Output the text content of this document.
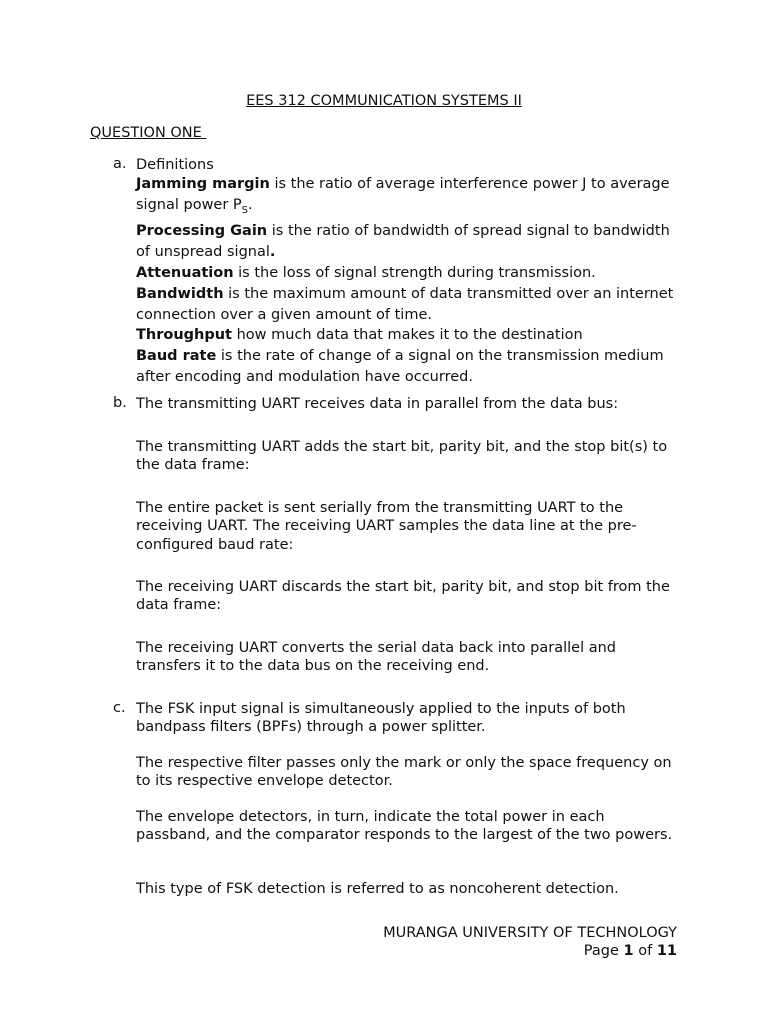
EES 312 COMMUNICATION SYSTEMS II
QUESTION ONE
a. Definitions

Jamming margin is the ratio of average interference power J to average signal power $P_S$.

Processing Gain is the ratio of bandwidth of spread signal to bandwidth of unspread signal.

Attenuation is the loss of signal strength during transmission.

Bandwidth is the maximum amount of data transmitted over an internet connection over a given amount of time.

Throughput how much data that makes it to the destination

Baud rate is the rate of change of a signal on the transmission medium after encoding and modulation have occurred.

b. The transmitting UART receives data in parallel from the data bus:

The transmitting UART adds the start bit, parity bit, and the stop bit(s) to the data frame:

The entire packet is sent serially from the transmitting UART to the receiving UART. The receiving UART samples the data line at the pre-configured baud rate:

The receiving UART discards the start bit, parity bit, and stop bit from the data frame:

The receiving UART converts the serial data back into parallel and transfers it to the data bus on the receiving end.

c. The FSK input signal is simultaneously applied to the inputs of both bandpass filters (BPFs) through a power splitter.

The respective filter passes only the mark or only the space frequency on to its respective envelope detector.

The envelope detectors, in turn, indicate the total power in each passband, and the comparator responds to the largest of the two powers.

This type of FSK detection is referred to as noncoherent detection.

MURANGA UNIVERSITY OF TECHNOLOGY
Page 1 of 11
